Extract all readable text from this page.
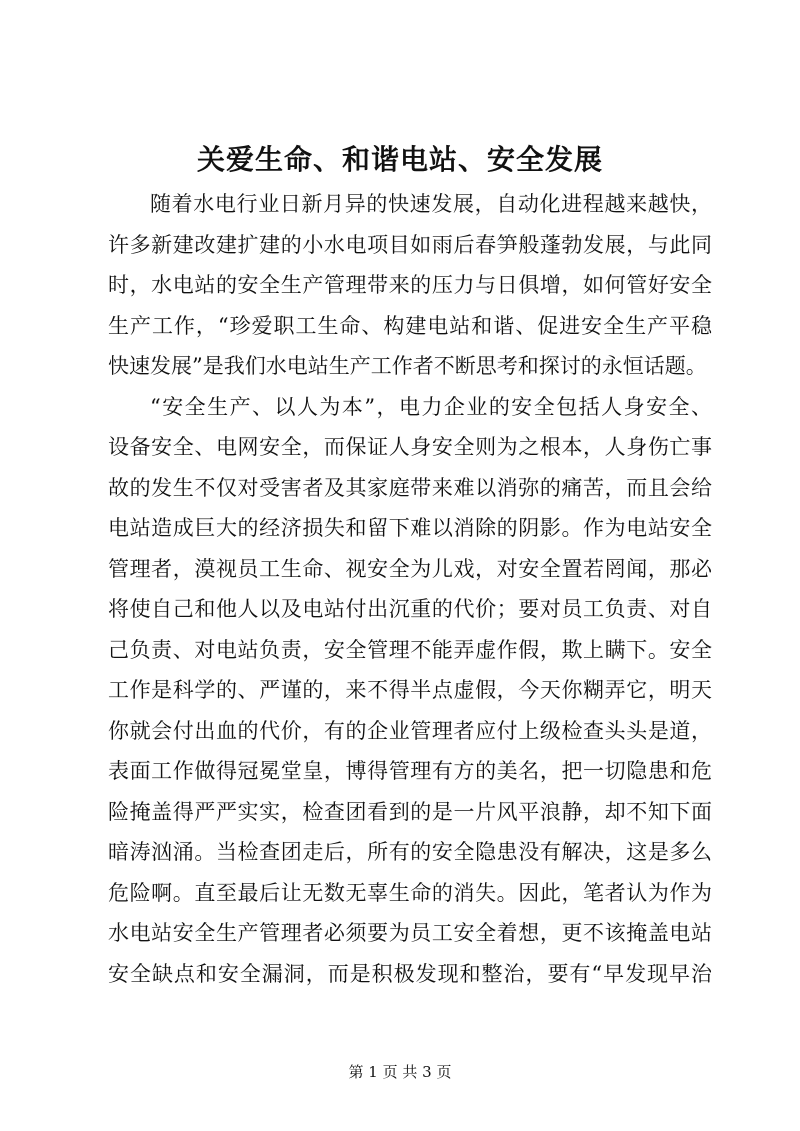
关爱生命、和谐电站、安全发展
随着水电行业日新月异的快速发展，自动化进程越来越快，
许多新建改建扩建的小水电项目如雨后春笋般蓬勃发展，与此同
时，水电站的安全生产管理带来的压力与日俱增，如何管好安全
生产工作，“珍爱职工生命、构建电站和谐、促进安全生产平稳
快速发展”是我们水电站生产工作者不断思考和探讨的永恒话题。
“安全生产、以人为本”，电力企业的安全包括人身安全、
设备安全、电网安全，而保证人身安全则为之根本，人身伤亡事
故的发生不仅对受害者及其家庭带来难以消弥的痛苦，而且会给
电站造成巨大的经济损失和留下难以消除的阴影。作为电站安全
管理者，漠视员工生命、视安全为儿戏，对安全置若罔闻，那必
将使自己和他人以及电站付出沉重的代价；要对员工负责、对自
己负责、对电站负责，安全管理不能弄虚作假，欺上瞒下。安全
工作是科学的、严谨的，来不得半点虚假，今天你糊弄它，明天
你就会付出血的代价，有的企业管理者应付上级检查头头是道，
表面工作做得冠冕堂皇，博得管理有方的美名，把一切隐患和危
险掩盖得严严实实，检查团看到的是一片风平浪静，却不知下面
暗涛汹涌。当检查团走后，所有的安全隐患没有解决，这是多么
危险啊。直至最后让无数无辜生命的消失。因此，笔者认为作为
水电站安全生产管理者必须要为员工安全着想，更不该掩盖电站
安全缺点和安全漏洞，而是积极发现和整治，要有“早发现早治
第 1 页 共 3 页
